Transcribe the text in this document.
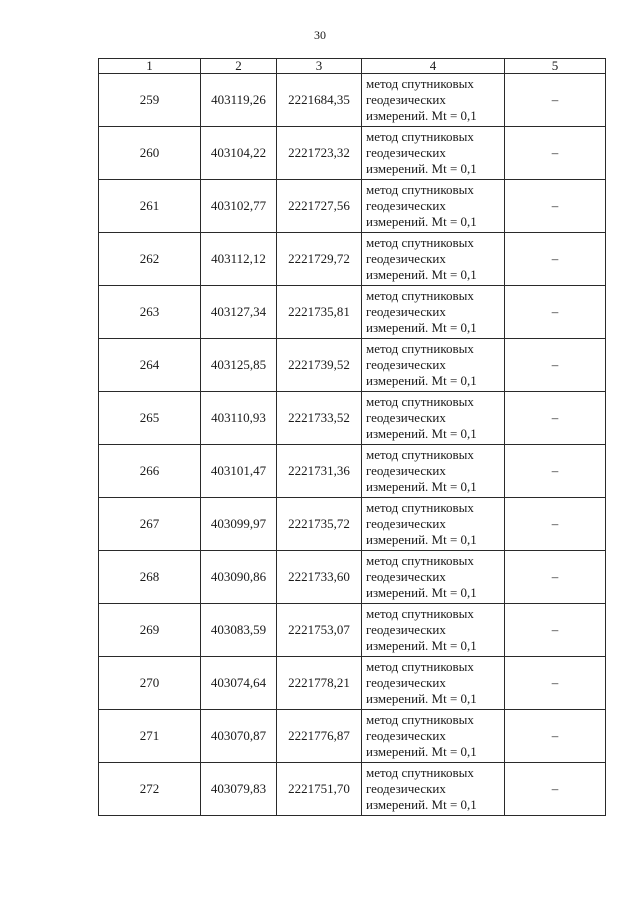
30
1	2	3	4	5
259	403119,26	2221684,35	метод спутниковых
геодезических
измерений. Mt = 0,1	–
260	403104,22	2221723,32	метод спутниковых
геодезических
измерений. Mt = 0,1	–
261	403102,77	2221727,56	метод спутниковых
геодезических
измерений. Mt = 0,1	–
262	403112,12	2221729,72	метод спутниковых
геодезических
измерений. Mt = 0,1	–
263	403127,34	2221735,81	метод спутниковых
геодезических
измерений. Mt = 0,1	–
264	403125,85	2221739,52	метод спутниковых
геодезических
измерений. Mt = 0,1	–
265	403110,93	2221733,52	метод спутниковых
геодезических
измерений. Mt = 0,1	–
266	403101,47	2221731,36	метод спутниковых
геодезических
измерений. Mt = 0,1	–
267	403099,97	2221735,72	метод спутниковых
геодезических
измерений. Mt = 0,1	–
268	403090,86	2221733,60	метод спутниковых
геодезических
измерений. Mt = 0,1	–
269	403083,59	2221753,07	метод спутниковых
геодезических
измерений. Mt = 0,1	–
270	403074,64	2221778,21	метод спутниковых
геодезических
измерений. Mt = 0,1	–
271	403070,87	2221776,87	метод спутниковых
геодезических
измерений. Mt = 0,1	–
272	403079,83	2221751,70	метод спутниковых
геодезических
измерений. Mt = 0,1	–
